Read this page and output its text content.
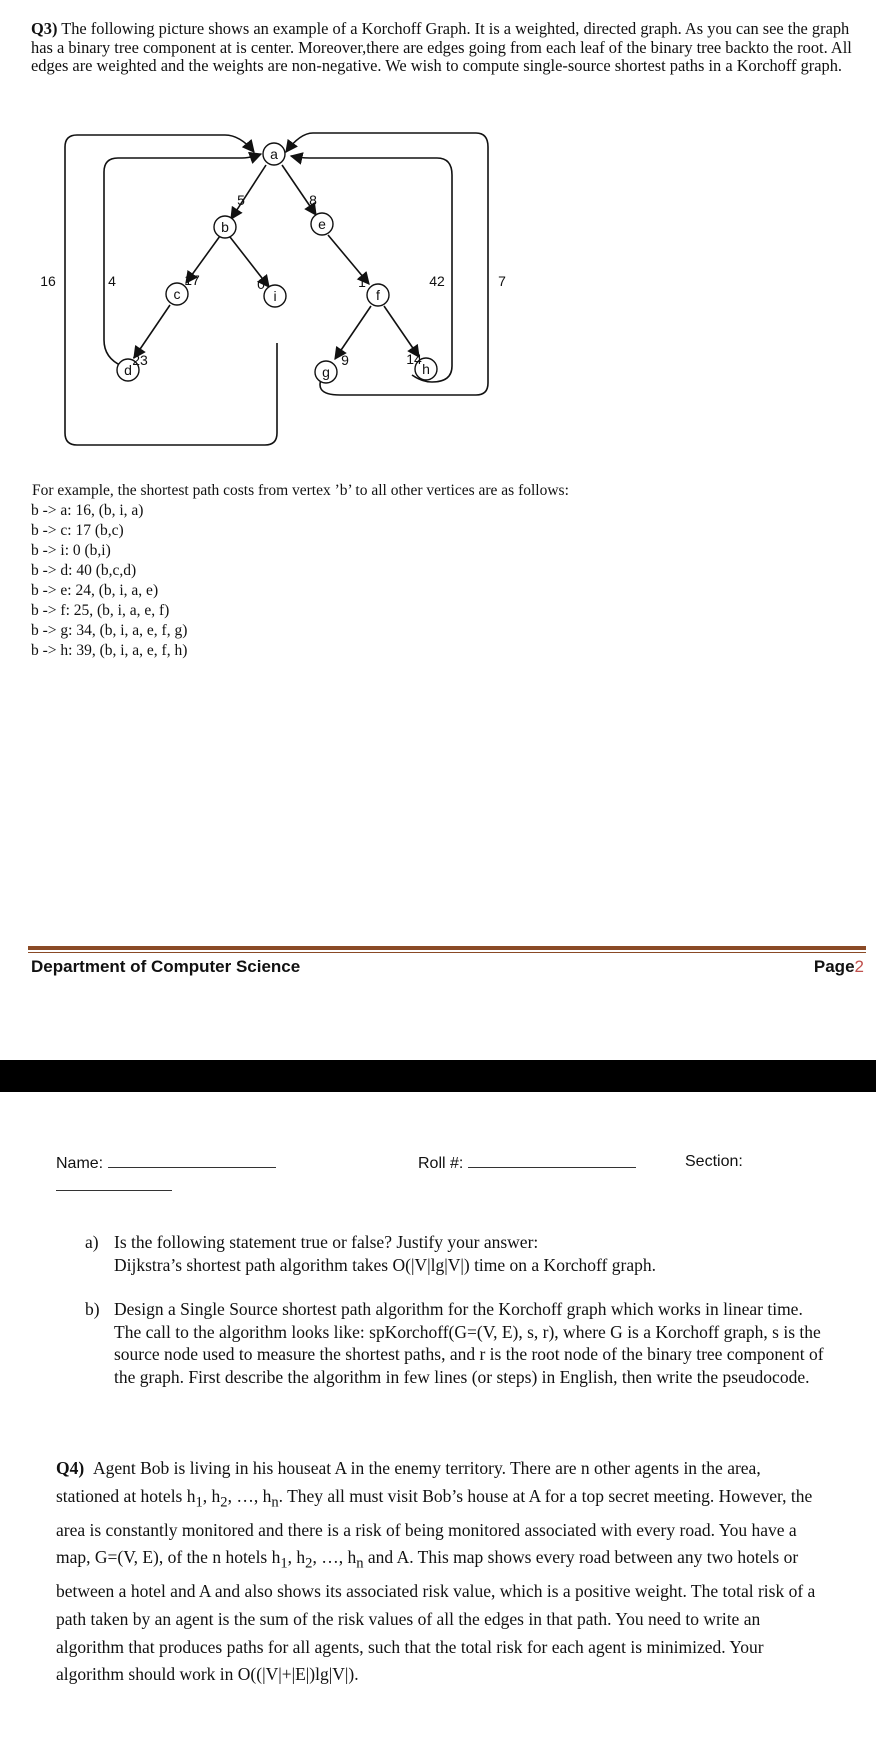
Q3) The following picture shows an example of a Korchoff Graph. It is a weighted, directed graph. As you can see the graph has a binary tree component at is center. Moreover,there are edges going from each leaf of the binary tree backto the root. All edges are weighted and the weights are non-negative. We wish to compute single-source shortest paths in a Korchoff graph.

a
b	e
c	i	f
d	g	h
5	8
17	0	1
23	9	14
4
16	42	7
For example, the shortest path costs from vertex ’b’ to all other vertices are as follows:
b -> a: 16, (b, i, a)
b -> c: 17 (b,c)
b -> i: 0 (b,i)
b -> d: 40 (b,c,d)
b -> e: 24, (b, i, a, e)
b -> f: 25, (b, i, a, e, f)
b -> g: 34, (b, i, a, e, f, g)
b -> h: 39, (b, i, a, e, f, h)
Department of Computer Science	Page2
Name:	Roll #:	Section:
a) Is the following statement true or false? Justify your answer:
Dijkstra’s shortest path algorithm takes O(|V|lg|V|) time on a Korchoff graph.
b) Design a Single Source shortest path algorithm for the Korchoff graph which works in linear time. The call to the algorithm looks like: spKorchoff(G=(V, E), s, r), where G is a Korchoff graph, s is the source node used to measure the shortest paths, and r is the root node of the binary tree component of the graph. First describe the algorithm in few lines (or steps) in English, then write the pseudocode.

Q4) Agent Bob is living in his houseat A in the enemy territory. There are n other agents in the area, stationed at hotels $h_1$, $h_2$, …, $h_n$. They all must visit Bob’s house at A for a top secret meeting. However, the area is constantly monitored and there is a risk of being monitored associated with every road. You have a map, G=(V, E), of the n hotels $h_1$, $h_2$, …, $h_n$ and A. This map shows every road between any two hotels or between a hotel and A and also shows its associated risk value, which is a positive weight. The total risk of a path taken by an agent is the sum of the risk values of all the edges in that path. You need to write an algorithm that produces paths for all agents, such that the total risk for each agent is minimized. Your algorithm should work in O((|V|+|E|)lg|V|).
